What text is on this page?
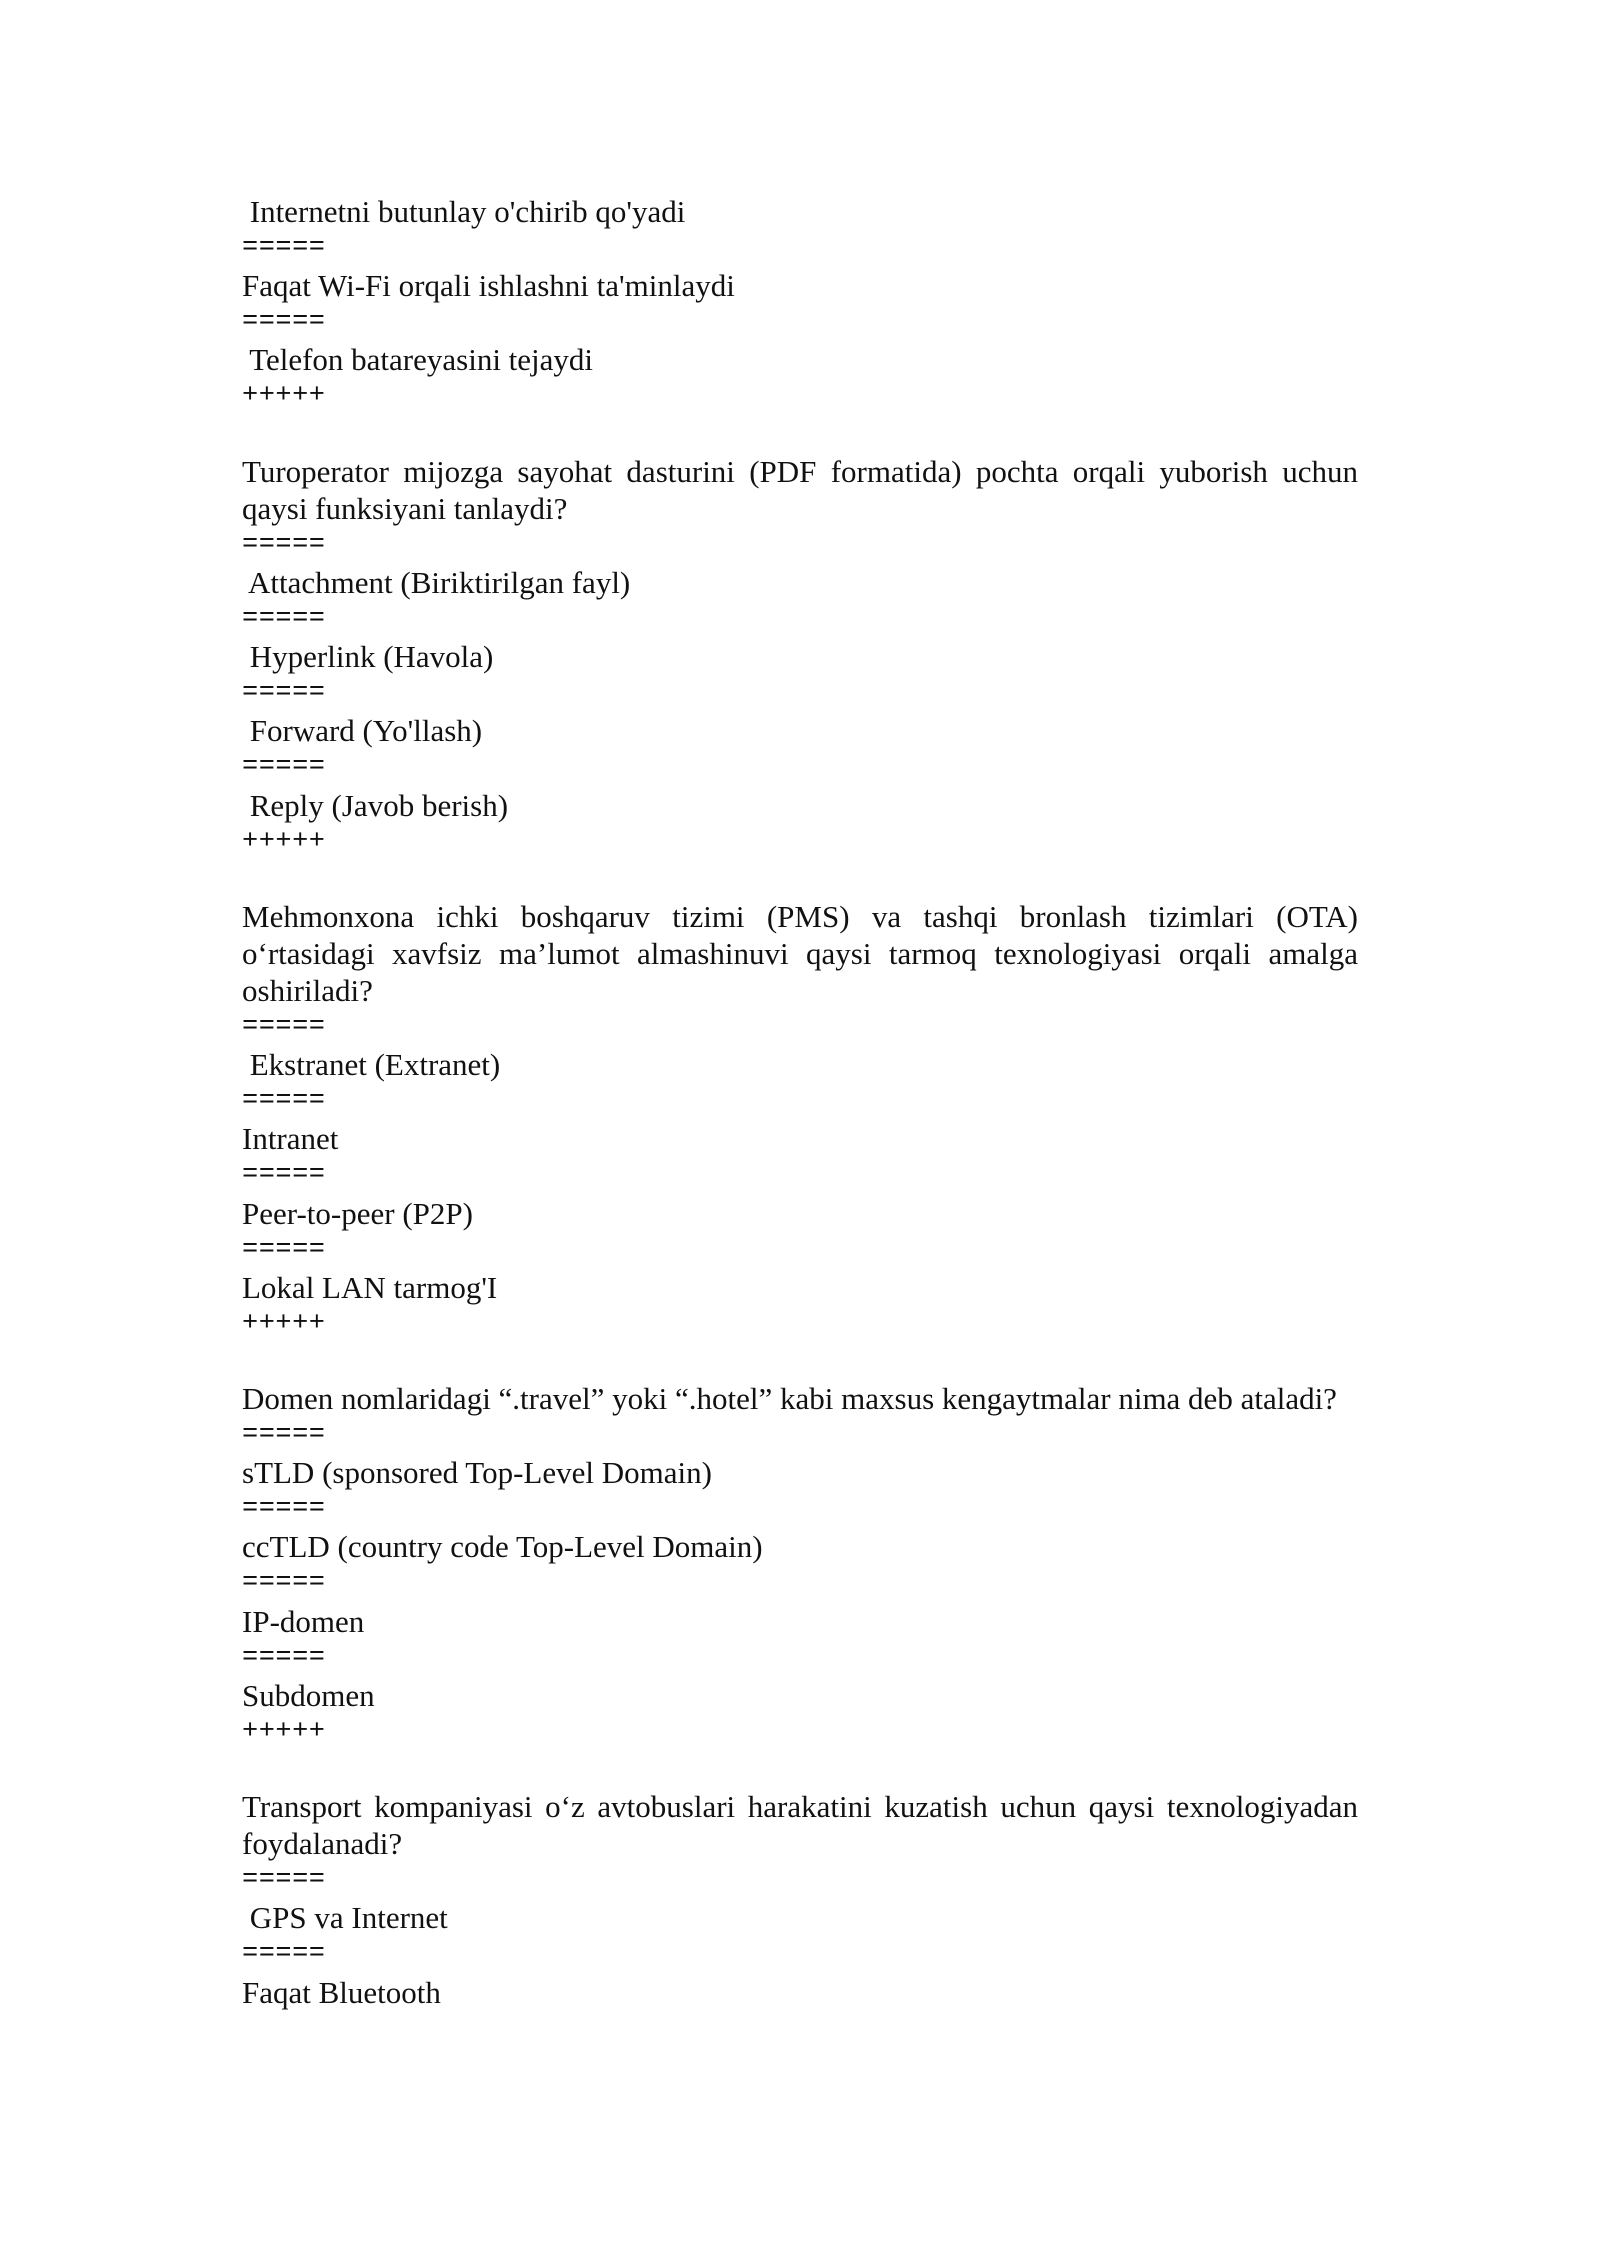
Internetni butunlay o'chirib qo'yadi
=====
Faqat Wi-Fi orqali ishlashni ta'minlaydi
=====
Telefon batareyasini tejaydi
+++++

Turoperator mijozga sayohat dasturini (PDF formatida) pochta orqali yuborish uchun qaysi funksiyani tanlaydi?

=====
Attachment (Biriktirilgan fayl)
=====
Hyperlink (Havola)
=====
Forward (Yo'llash)
=====
Reply (Javob berish)
+++++

Mehmonxona ichki boshqaruv tizimi (PMS) va tashqi bronlash tizimlari (OTA) o‘rtasidagi xavfsiz ma’lumot almashinuvi qaysi tarmoq texnologiyasi orqali amalga oshiriladi?

=====
Ekstranet (Extranet)
=====
Intranet
=====
Peer-to-peer (P2P)
=====
Lokal LAN tarmog'I
+++++

Domen nomlaridagi “.travel” yoki “.hotel” kabi maxsus kengaytmalar nima deb ataladi?

=====
sTLD (sponsored Top-Level Domain)
=====
ccTLD (country code Top-Level Domain)
=====
IP-domen
=====
Subdomen
+++++

Transport kompaniyasi o‘z avtobuslari harakatini kuzatish uchun qaysi texnologiyadan foydalanadi?

=====
GPS va Internet
=====
Faqat Bluetooth
